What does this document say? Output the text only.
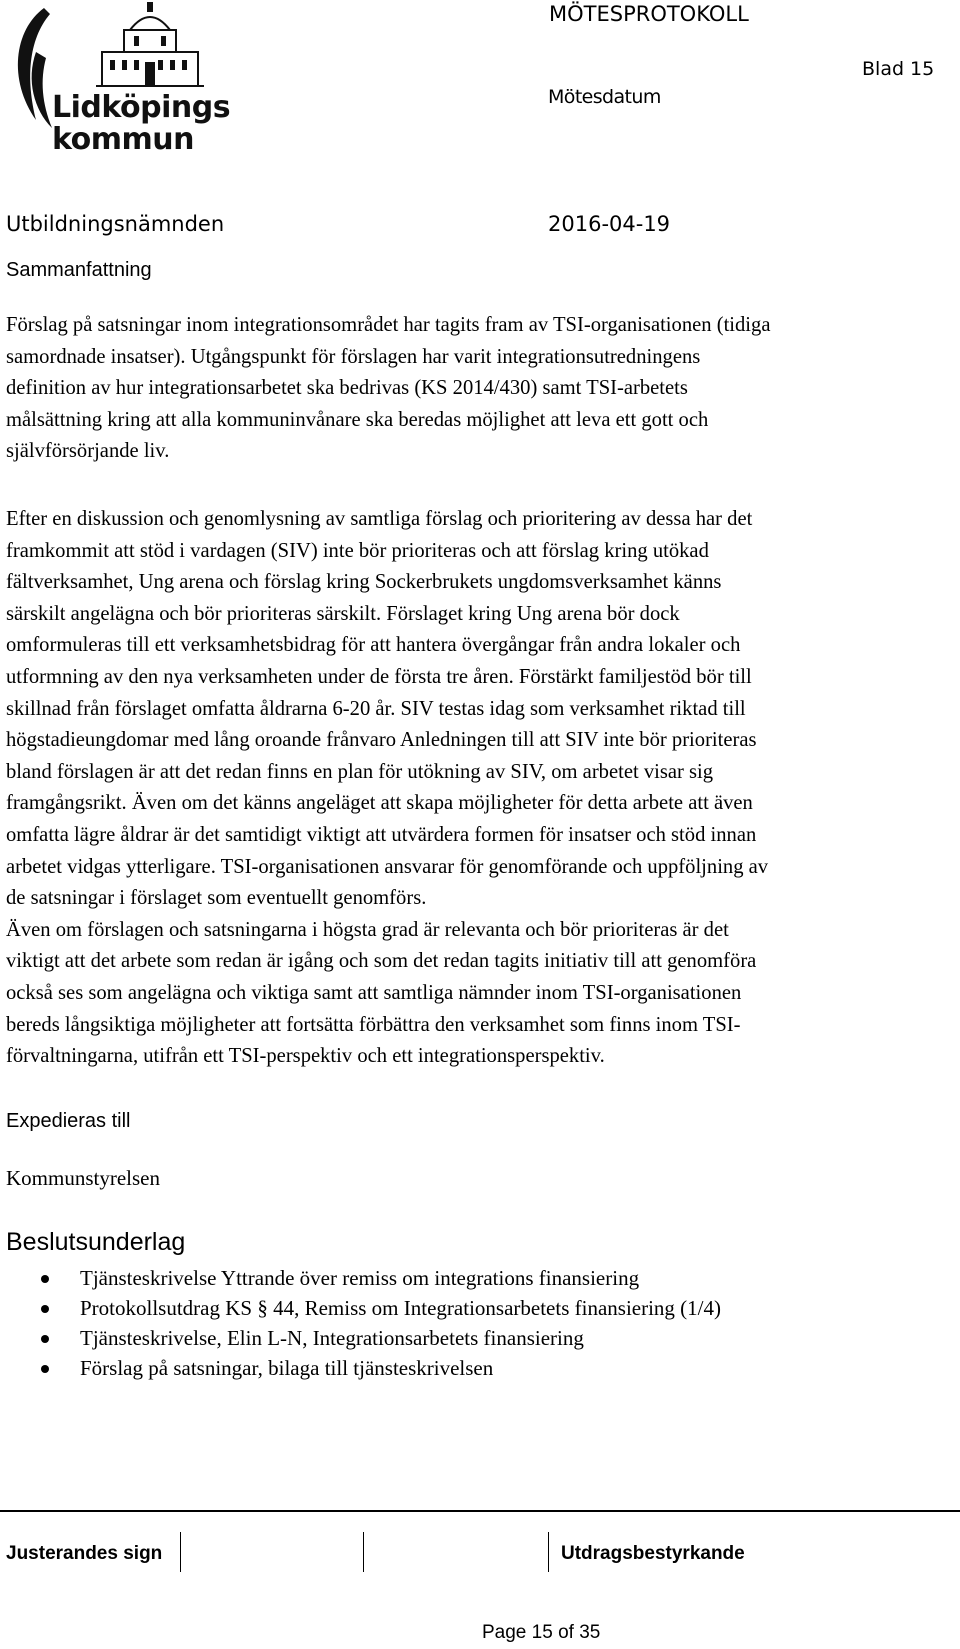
Lidköpings
kommun
MÖTESPROTOKOLL
Blad 15
Mötesdatum
Utbildningsnämnden	2016-04-19
Sammanfattning

Förslag på satsningar inom integrationsområdet har tagits fram av TSI-organisationen (tidiga

samordnade insatser). Utgångspunkt för förslagen har varit integrationsutredningens

definition av hur integrationsarbetet ska bedrivas (KS 2014/430) samt TSI-arbetets

målsättning kring att alla kommuninvånare ska beredas möjlighet att leva ett gott och

självförsörjande liv.

Efter en diskussion och genomlysning av samtliga förslag och prioritering av dessa har det

framkommit att stöd i vardagen (SIV) inte bör prioriteras och att förslag kring utökad

fältverksamhet, Ung arena och förslag kring Sockerbrukets ungdomsverksamhet känns

särskilt angelägna och bör prioriteras särskilt. Förslaget kring Ung arena bör dock

omformuleras till ett verksamhetsbidrag för att hantera övergångar från andra lokaler och

utformning av den nya verksamheten under de första tre åren. Förstärkt familjestöd bör till

skillnad från förslaget omfatta åldrarna 6-20 år. SIV testas idag som verksamhet riktad till

högstadieungdomar med lång oroande frånvaro Anledningen till att SIV inte bör prioriteras

bland förslagen är att det redan finns en plan för utökning av SIV, om arbetet visar sig

framgångsrikt. Även om det känns angeläget att skapa möjligheter för detta arbete att även

omfatta lägre åldrar är det samtidigt viktigt att utvärdera formen för insatser och stöd innan

arbetet vidgas ytterligare. TSI-organisationen ansvarar för genomförande och uppföljning av

de satsningar i förslaget som eventuellt genomförs.

Även om förslagen och satsningarna i högsta grad är relevanta och bör prioriteras är det

viktigt att det arbete som redan är igång och som det redan tagits initiativ till att genomföra

också ses som angelägna och viktiga samt att samtliga nämnder inom TSI-organisationen

bereds långsiktiga möjligheter att fortsätta förbättra den verksamhet som finns inom TSI-

förvaltningarna, utifrån ett TSI-perspektiv och ett integrationsperspektiv.

Expedieras till
Kommunstyrelsen
Beslutsunderlag
Tjänsteskrivelse Yttrande över remiss om integrations finansiering
Protokollsutdrag KS § 44, Remiss om Integrationsarbetets finansiering (1/4)
Tjänsteskrivelse, Elin L-N, Integrationsarbetets finansiering
Förslag på satsningar, bilaga till tjänsteskrivelsen
Justerandes sign	Utdragsbestyrkande
Page 15 of 35
